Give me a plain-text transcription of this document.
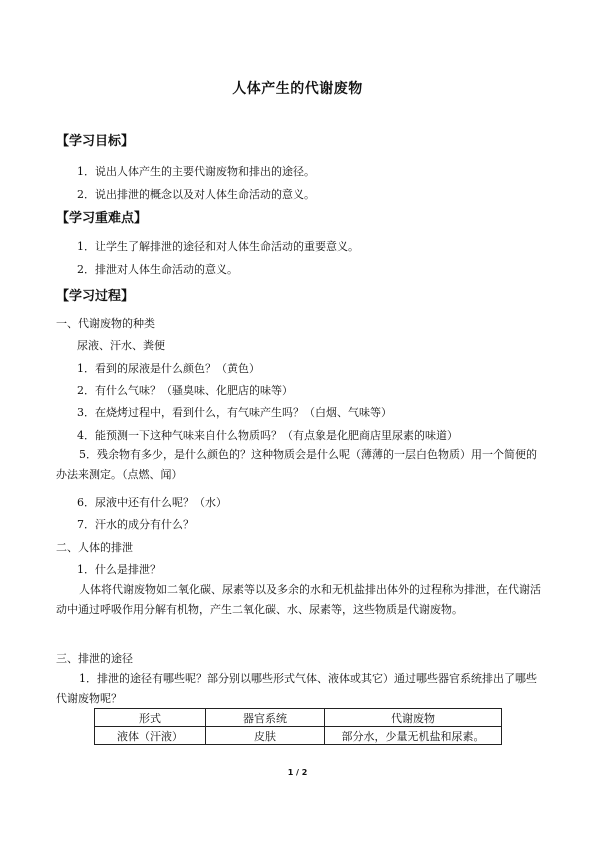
人体产生的代谢废物
【学习目标】
1．说出人体产生的主要代谢废物和排出的途径。
2．说出排泄的概念以及对人体生命活动的意义。
【学习重难点】
1．让学生了解排泄的途径和对人体生命活动的重要意义。
2．排泄对人体生命活动的意义。
【学习过程】
一、代谢废物的种类
尿液、汗水、粪便
1．看到的尿液是什么颜色？（黄色）
2．有什么气味？（骚臭味、化肥店的味等）
3．在烧烤过程中，看到什么，有气味产生吗？（白烟、气味等）
4．能预测一下这种气味来自什么物质吗？（有点象是化肥商店里尿素的味道）
5．残余物有多少，是什么颜色的？这种物质会是什么呢（薄薄的一层白色物质）用一个简便的办法来测定。（点燃、闻）
6．尿液中还有什么呢？（水）
7．汗水的成分有什么？
二、人体的排泄
1．什么是排泄？
人体将代谢废物如二氧化碳、尿素等以及多余的水和无机盐排出体外的过程称为排泄，在代谢活动中通过呼吸作用分解有机物，产生二氧化碳、水、尿素等，这些物质是代谢废物。
三、排泄的途径
1．排泄的途径有哪些呢？部分别以哪些形式气体、液体或其它）通过哪些器官系统排出了哪些代谢废物呢？
形式	器官系统	代谢废物
液体（汗液）	皮肤	部分水，少量无机盐和尿素。
1 / 2
